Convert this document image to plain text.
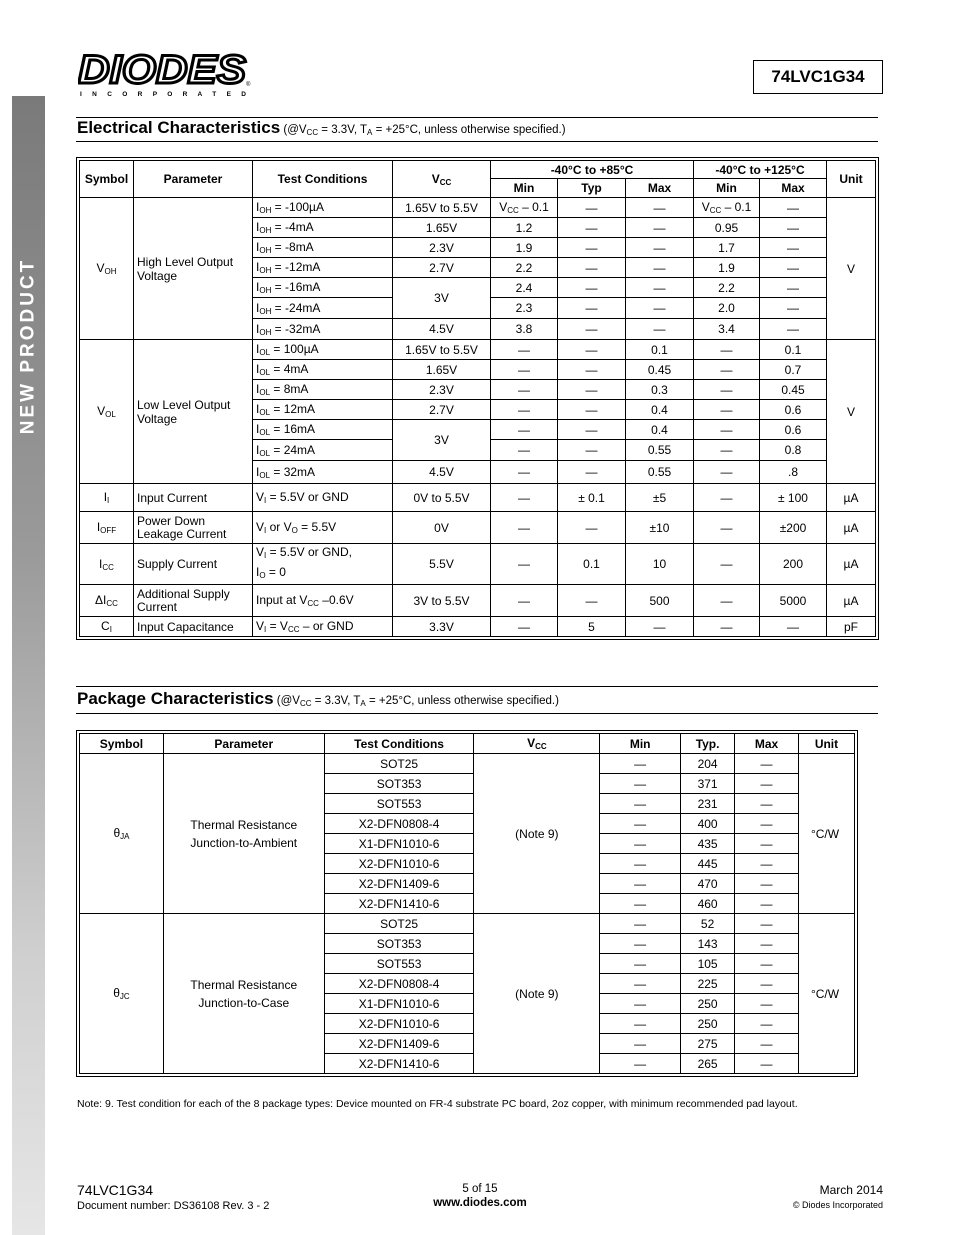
NEW PRODUCT
DIODES
I N C O R P O R A T E D
®	74LVC1G34
Electrical Characteristics ($@V_{CC} = 3.3V$, $T_A = +25^\circ C$, unless otherwise specified.)
Symbol	Parameter	Test Conditions	$V_{CC}$	-40°C to +85°C			-40°C to +125°C		Unit
				Min	Typ	Max	Min	Max	
$V_{OH}$	High Level Output Voltage	$I_{OH} = -100\mu A$	1.65V to 5.5V	$V_{CC} - 0.1$	—	—	$V_{CC} - 0.1$	—	V
		$I_{OH} = -4mA$	1.65V	1.2	—	—	0.95	—	
		$I_{OH} = -8mA$	2.3V	1.9	—	—	1.7	—	
		$I_{OH} = -12mA$	2.7V	2.2	—	—	1.9	—	
		$I_{OH} = -16mA$	3V	2.4	—	—	2.2	—	
		$I_{OH} = -24mA$		2.3	—	—	2.0	—	
		$I_{OH} = -32mA$	4.5V	3.8	—	—	3.4	—	
$V_{OL}$	Low Level Output Voltage	$I_{OL} = 100\mu A$	1.65V to 5.5V	—	—	0.1	—	0.1	V
		$I_{OL} = 4mA$	1.65V	—	—	0.45	—	0.7	
		$I_{OL} = 8mA$	2.3V	—	—	0.3	—	0.45	
		$I_{OL} = 12mA$	2.7V	—	—	0.4	—	0.6	
		$I_{OL} = 16mA$	3V	—	—	0.4	—	0.6	
		$I_{OL} = 24mA$		—	—	0.55	—	0.8	
		$I_{OL} = 32mA$	4.5V	—	—	0.55	—	.8	
$I_I$	Input Current	$V_I = 5.5V$ or GND	0V to 5.5V	—	± 0.1	±5	—	± 100	µA
$I_{OFF}$	Power Down Leakage Current	$V_I$ or $V_O = 5.5V$	0V	—	—	±10	—	±200	µA
$I_{CC}$	Supply Current	$V_I = 5.5V$ or GND,
$I_O = 0$	5.5V	—	0.1	10	—	200	µA
$\Delta I_{CC}$	Additional Supply Current	Input at $V_{CC}$ –0.6V	3V to 5.5V	—	—	500	—	5000	µA
$C_I$	Input Capacitance	$V_I = V_{CC}$ – or GND	3.3V	—	5	—	—	—	pF
Package Characteristics ($@V_{CC} = 3.3V$, $T_A = +25^\circ C$, unless otherwise specified.)
Symbol	Parameter	Test Conditions	$V_{CC}$	Min	Typ.	Max	Unit
$\theta_{JA}$	Thermal Resistance
Junction-to-Ambient	SOT25	(Note 9)	—	204	—	°C/W
		SOT353		—	371	—	
		SOT553		—	231	—	
		X2-DFN0808-4		—	400	—	
		X1-DFN1010-6		—	435	—	
		X2-DFN1010-6		—	445	—	
		X2-DFN1409-6		—	470	—	
		X2-DFN1410-6		—	460	—	
$\theta_{JC}$	Thermal Resistance
Junction-to-Case	SOT25	(Note 9)	—	52	—	°C/W
		SOT353		—	143	—	
		SOT553		—	105	—	
		X2-DFN0808-4		—	225	—	
		X1-DFN1010-6		—	250	—	
		X2-DFN1010-6		—	250	—	
		X2-DFN1409-6		—	275	—	
		X2-DFN1410-6		—	265	—	
Note: 9. Test condition for each of the 8 package types: Device mounted on FR-4 substrate PC board, 2oz copper, with minimum recommended pad layout.
74LVC1G34
Document number: DS36108 Rev. 3 - 2
5 of 15
www.diodes.com
March 2014
© Diodes Incorporated
